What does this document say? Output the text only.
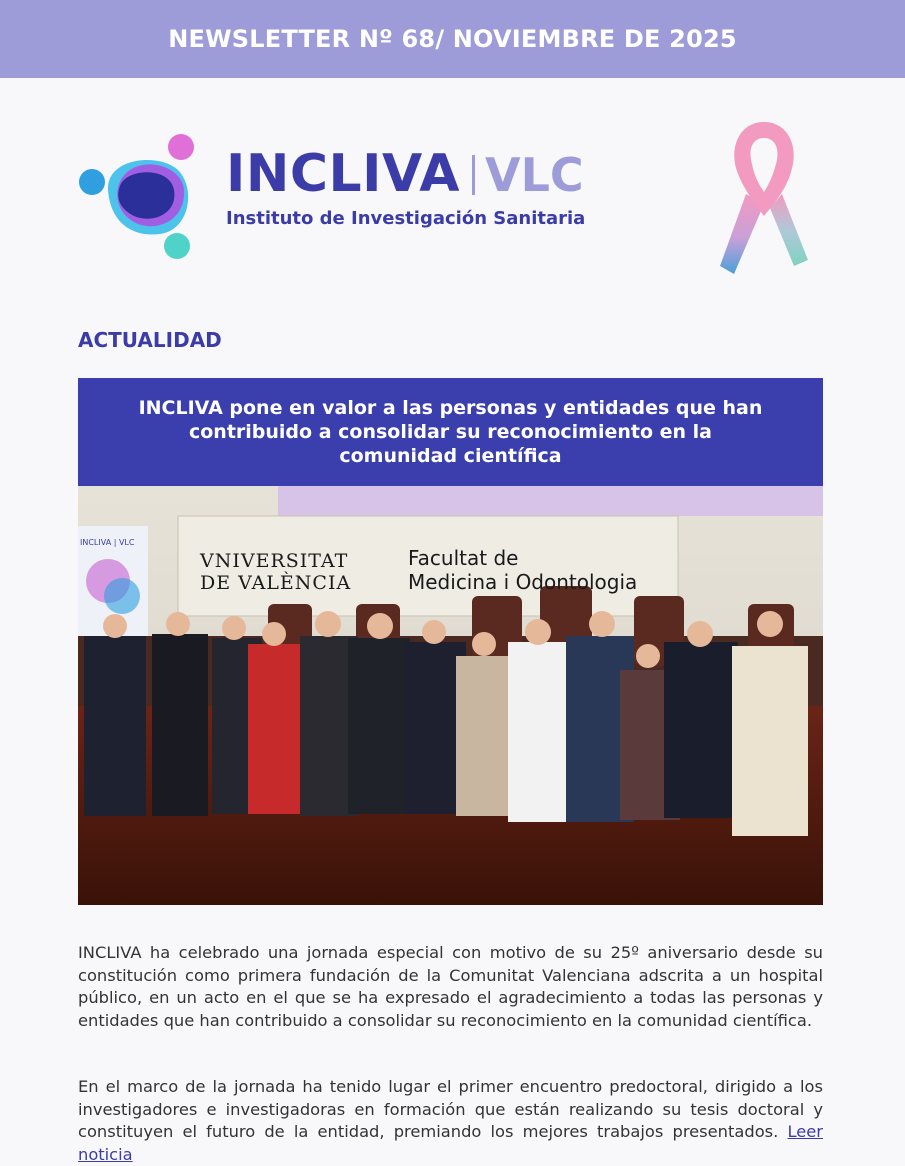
NEWSLETTER Nº 68/ NOVIEMBRE DE 2025
INCLIVA VLC
Instituto de Investigación Sanitaria
ACTUALIDAD
INCLIVA pone en valor a las personas y entidades que han contribuido a consolidar su reconocimiento en la comunidad científica
VNIVERSITAT
DE VALÈNCIA
Facultat de
Medicina i Odontologia
INCLIVA | VLC

INCLIVA ha celebrado una jornada especial con motivo de su 25º aniversario desde su constitución como primera fundación de la Comunitat Valenciana adscrita a un hospital público, en un acto en el que se ha expresado el agradecimiento a todas las personas y entidades que han contribuido a consolidar su reconocimiento en la comunidad científica.

En el marco de la jornada ha tenido lugar el primer encuentro predoctoral, dirigido a los investigadores e investigadoras en formación que están realizando su tesis doctoral y constituyen el futuro de la entidad, premiando los mejores trabajos presentados. Leer noticia
